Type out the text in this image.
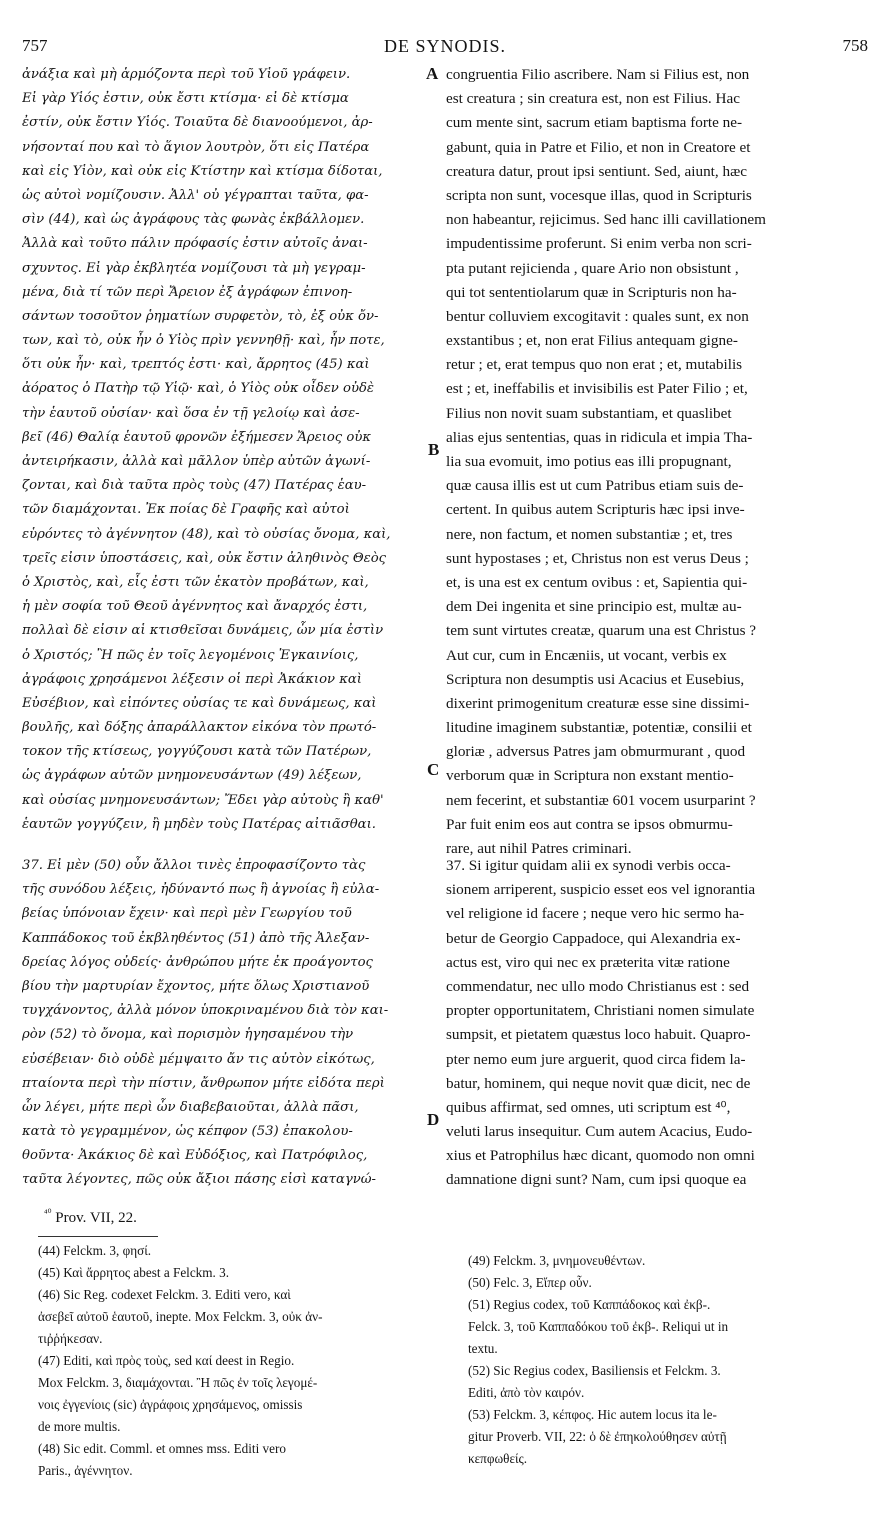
757	DE SYNODIS.	758
ἀνάξια καὶ μὴ ἁρμόζοντα περὶ τοῦ Υἱοῦ γράφειν.
Εἰ γὰρ Υἱός ἐστιν, οὐκ ἔστι κτίσμα· εἰ δὲ κτίσμα
ἐστίν, οὐκ ἔστιν Υἱός. Τοιαῦτα δὲ διανοούμενοι, ἀρ-
νήσονταί που καὶ τὸ ἅγιον λουτρὸν, ὅτι εἰς Πατέρα
καὶ εἰς Υἱὸν, καὶ οὐκ εἰς Κτίστην καὶ κτίσμα δίδοται,
ὡς αὐτοὶ νομίζουσιν. Ἀλλ' οὐ γέγραπται ταῦτα, φα-
σὶν (44), καὶ ὡς ἀγράφους τὰς φωνὰς ἐκβάλλομεν.
Ἀλλὰ καὶ τοῦτο πάλιν πρόφασίς ἐστιν αὐτοῖς ἀναι-
σχυντος. Εἰ γὰρ ἐκβλητέα νομίζουσι τὰ μὴ γεγραμ-
μένα, διὰ τί τῶν περὶ Ἄρειον ἐξ ἀγράφων ἐπινοη-
σάντων τοσοῦτον ῥηματίων συρφετὸν, τὸ, ἐξ οὐκ ὄν-
των, καὶ τὸ, οὐκ ἦν ὁ Υἱὸς πρὶν γεννηθῇ· καὶ, ἦν ποτε,
ὅτι οὐκ ἦν· καὶ, τρεπτός ἐστι· καὶ, ἄρρητος (45) καὶ
ἀόρατος ὁ Πατὴρ τῷ Υἱῷ· καὶ, ὁ Υἱὸς οὐκ οἶδεν οὐδὲ
τὴν ἑαυτοῦ οὐσίαν· καὶ ὅσα ἐν τῇ γελοίῳ καὶ ἀσε-
βεῖ (46) Θαλίᾳ ἑαυτοῦ φρονῶν ἐξήμεσεν Ἄρειος οὐκ
ἀντειρήκασιν, ἀλλὰ καὶ μᾶλλον ὑπὲρ αὐτῶν ἀγωνί-
ζονται, καὶ διὰ ταῦτα πρὸς τοὺς (47) Πατέρας ἑαυ-
τῶν διαμάχονται. Ἐκ ποίας δὲ Γραφῆς καὶ αὐτοὶ
εὑρόντες τὸ ἀγέννητον (48), καὶ τὸ οὐσίας ὄνομα, καὶ,
τρεῖς εἰσιν ὑποστάσεις, καὶ, οὐκ ἔστιν ἀληθινὸς Θεὸς
ὁ Χριστὸς, καὶ, εἷς ἐστι τῶν ἑκατὸν προβάτων, καὶ,
ἡ μὲν σοφία τοῦ Θεοῦ ἀγέννητος καὶ ἄναρχός ἐστι,
πολλαὶ δὲ εἰσιν αἱ κτισθεῖσαι δυνάμεις, ὧν μία ἐστὶν
ὁ Χριστός; Ἢ πῶς ἐν τοῖς λεγομένοις Ἐγκαινίοις,
ἀγράφοις χρησάμενοι λέξεσιν οἱ περὶ Ἀκάκιον καὶ
Εὐσέβιον, καὶ εἰπόντες οὐσίας τε καὶ δυνάμεως, καὶ
βουλῆς, καὶ δόξης ἀπαράλλακτον εἰκόνα τὸν πρωτό-
τοκον τῆς κτίσεως, γογγύζουσι κατὰ τῶν Πατέρων,
ὡς ἀγράφων αὐτῶν μνημονευσάντων (49) λέξεων,
καὶ οὐσίας μνημονευσάντων; Ἔδει γὰρ αὐτοὺς ἢ καθ'
ἑαυτῶν γογγύζειν, ἢ μηδὲν τοὺς Πατέρας αἰτιᾶσθαι.
congruentia Filio ascribere. Nam si Filius est, non
est creatura ; sin creatura est, non est Filius. Hac
cum mente sint, sacrum etiam baptisma forte ne-
gabunt, quia in Patre et Filio, et non in Creatore et
creatura datur, prout ipsi sentiunt. Sed, aiunt, hæc
scripta non sunt, vocesque illas, quod in Scripturis
non habeantur, rejicimus. Sed hanc illi cavillationem
impudentissime proferunt. Si enim verba non scri-
pta putant rejicienda , quare Ario non obsistunt ,
qui tot sententiolarum quæ in Scripturis non ha-
bentur colluviem excogitavit : quales sunt, ex non
exstantibus ; et, non erat Filius antequam gigne-
retur ; et, erat tempus quo non erat ; et, mutabilis
est ; et, ineffabilis et invisibilis est Pater Filio ; et,
Filius non novit suam substantiam, et quaslibet
alias ejus sententias, quas in ridicula et impia Tha-
lia sua evomuit, imo potius eas illi propugnant,
quæ causa illis est ut cum Patribus etiam suis de-
certent. In quibus autem Scripturis hæc ipsi inve-
nere, non factum, et nomen substantiæ ; et, tres
sunt hypostases ; et, Christus non est verus Deus ;
et, is una est ex centum ovibus : et, Sapientia qui-
dem Dei ingenita et sine principio est, multæ au-
tem sunt virtutes creatæ, quarum una est Christus ?
Aut cur, cum in Encæniis, ut vocant, verbis ex
Scriptura non desumptis usi Acacius et Eusebius,
dixerint primogenitum creaturæ esse sine dissimi-
litudine imaginem substantiæ, potentiæ, consilii et
gloriæ , adversus Patres jam obmurmurant , quod
verborum quæ in Scriptura non exstant mentio-
nem fecerint, et substantiæ 601 vocem usurparint ?
Par fuit enim eos aut contra se ipsos obmurmu-
rare, aut nihil Patres criminari.
A
B
C
D
37. Εἰ μὲν (50) οὖν ἄλλοι τινὲς ἐπροφασίζοντο τὰς
τῆς συνόδου λέξεις, ἠδύναντό πως ἢ ἀγνοίας ἢ εὐλα-
βείας ὑπόνοιαν ἔχειν· καὶ περὶ μὲν Γεωργίου τοῦ
Καππάδοκος τοῦ ἐκβληθέντος (51) ἀπὸ τῆς Ἀλεξαν-
δρείας λόγος οὐδείς· ἀνθρώπου μήτε ἐκ προάγοντος
βίου τὴν μαρτυρίαν ἔχοντος, μήτε ὅλως Χριστιανοῦ
τυγχάνοντος, ἀλλὰ μόνον ὑποκριναμένου διὰ τὸν και-
ρὸν (52) τὸ ὄνομα, καὶ πορισμὸν ἡγησαμένου τὴν
εὐσέβειαν· διὸ οὐδὲ μέμψαιτο ἄν τις αὐτὸν εἰκότως,
πταίοντα περὶ τὴν πίστιν, ἄνθρωπον μήτε εἰδότα περὶ
ὧν λέγει, μήτε περὶ ὧν διαβεβαιοῦται, ἀλλὰ πᾶσι,
κατὰ τὸ γεγραμμένον, ὡς κέπφον (53) ἐπακολου-
θοῦντα· Ἀκάκιος δὲ καὶ Εὐδόξιος, καὶ Πατρόφιλος,
ταῦτα λέγοντες, πῶς οὐκ ἄξιοι πάσης εἰσὶ καταγνώ-
37. Si igitur quidam alii ex synodi verbis occa-
sionem arriperent, suspicio esset eos vel ignorantia
vel religione id facere ; neque vero hic sermo ha-
betur de Georgio Cappadoce, qui Alexandria ex-
actus est, viro qui nec ex præterita vitæ ratione
commendatur, nec ullo modo Christianus est : sed
propter opportunitatem, Christiani nomen simulate
sumpsit, et pietatem quæstus loco habuit. Quapro-
pter nemo eum jure arguerit, quod circa fidem la-
batur, hominem, qui neque novit quæ dicit, nec de
quibus affirmat, sed omnes, uti scriptum est ⁴⁰,
veluti larus insequitur. Cum autem Acacius, Eudo-
xius et Patrophilus hæc dicant, quomodo non omni
damnatione digni sunt? Nam, cum ipsi quoque ea
$^{^{40}}$ Prov. VII, 22.
(44) Felckm. 3, φησί.
(45) Καὶ ἄρρητος abest a Felckm. 3.
(46) Sic Reg. codexet Felckm. 3. Editi vero, καὶ
ἀσεβεῖ αὐτοῦ ἑαυτοῦ, inepte. Mox Felckm. 3, οὐκ ἀν-
τιῤῥήκεσαν.
(47) Editi, καὶ πρὸς τοὺς, sed καί deest in Regio.
Mox Felckm. 3, διαμάχονται. Ἢ πῶς ἐν τοῖς λεγομέ-
νοις ἐγγενίοις (sic) ἀγράφοις χρησάμενος, omissis
de more multis.
(48) Sic edit. Comml. et omnes mss. Editi vero
Paris., ἀγέννητον.
(49) Felckm. 3, μνημονευθέντων.
(50) Felc. 3, Εἴπερ οὖν.
(51) Regius codex, τοῦ Καππάδοκος καὶ ἐκβ-.
Felck. 3, τοῦ Καππαδόκου τοῦ ἐκβ-. Reliqui ut in
textu.
(52) Sic Regius codex, Basiliensis et Felckm. 3.
Editi, ἀπὸ τὸν καιρόν.
(53) Felckm. 3, κέπφος. Hic autem locus ita le-
gitur Proverb. VII, 22: ὁ δὲ ἐπηκολούθησεν αὐτῇ
κεπφωθείς.
